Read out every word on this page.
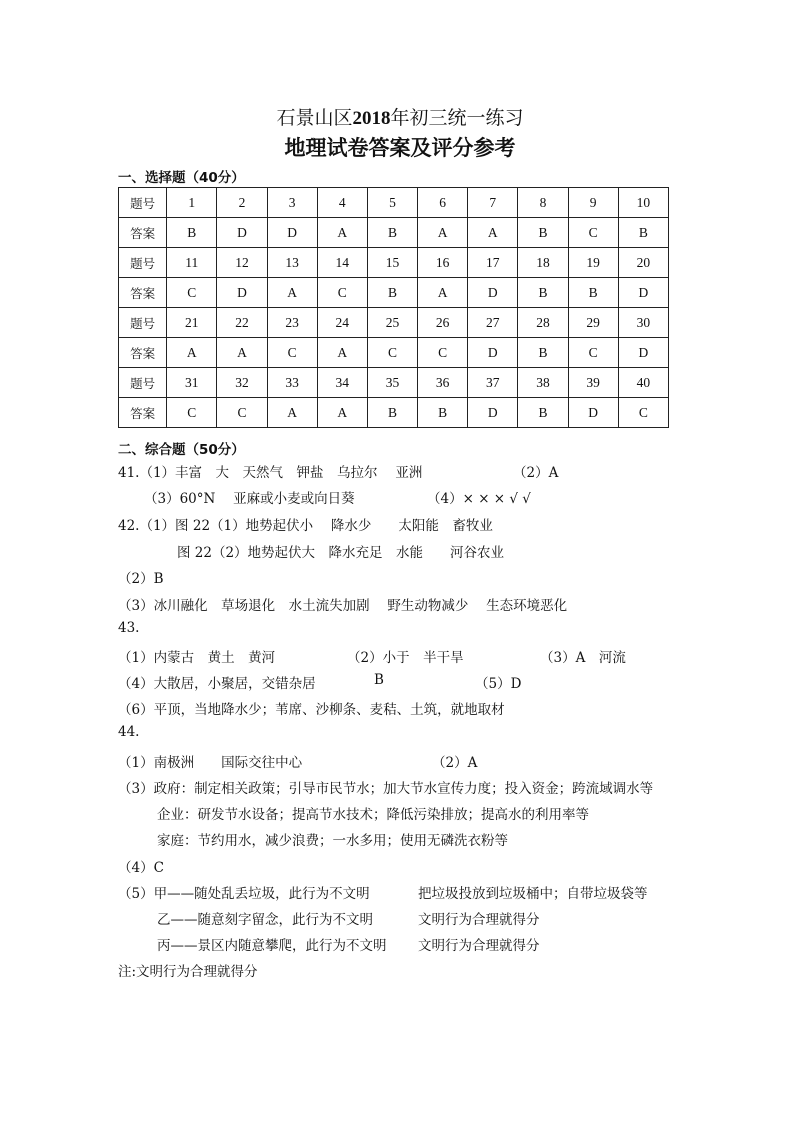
石景山区2018年初三统一练习
地理试卷答案及评分参考
一、选择题（40分）
题号	1	2	3	4	5	6	7	8	9	10
答案	B	D	D	A	B	A	A	B	C	B
题号	11	12	13	14	15	16	17	18	19	20
答案	C	D	A	C	B	A	D	B	B	D
题号	21	22	23	24	25	26	27	28	29	30
答案	A	A	C	A	C	C	D	B	C	D
题号	31	32	33	34	35	36	37	38	39	40
答案	C	C	A	A	B	B	D	B	D	C
二、综合题（50分）
41.（1）丰富　大　天然气　钾盐　乌拉尔　 亚洲	（2）A
（3）60°N　 亚麻或小麦或向日葵	（4）× × × √ √
42.（1）图 22（1）地势起伏小　 降水少　　太阳能　畜牧业
图 22（2）地势起伏大　降水充足　水能　　河谷农业
（2）B
（3）冰川融化　草场退化　水土流失加剧　 野生动物减少　 生态环境恶化
43.
（1）内蒙古　黄土　黄河	（2）小于　半干旱	（3）A　河流
（4）大散居，小聚居，交错杂居	B	（5）D
（6）平顶，当地降水少；苇席、沙柳条、麦秸、土筑，就地取材
44.
（1）南极洲　　国际交往中心	（2）A
（3）政府：制定相关政策；引导市民节水；加大节水宣传力度；投入资金；跨流域调水等
企业：研发节水设备；提高节水技术；降低污染排放；提高水的利用率等
家庭：节约用水，减少浪费；一水多用；使用无磷洗衣粉等
（4）C
（5）甲——随处乱丢垃圾，此行为不文明	把垃圾投放到垃圾桶中；自带垃圾袋等
乙——随意刻字留念，此行为不文明	文明行为合理就得分
丙——景区内随意攀爬，此行为不文明 文明行为合理就得分
注:文明行为合理就得分
